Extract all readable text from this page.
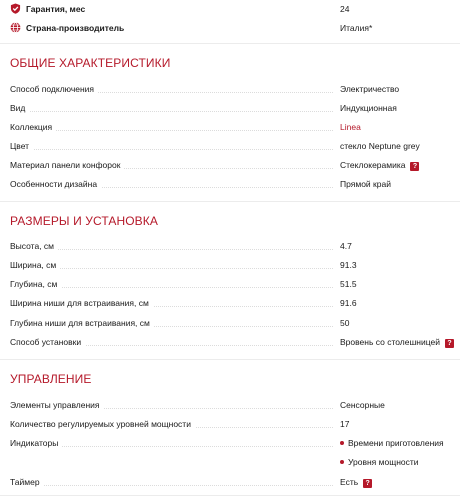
Гарантия, мес	24
Страна-производитель	Италия*
ОБЩИЕ ХАРАКТЕРИСТИКИ
Способ подключения	Электричество
Вид	Индукционная
Коллекция	Linea
Цвет	стекло Neptune grey
Материал панели конфорок	Стеклокерамика ?
Особенности дизайна	Прямой край
РАЗМЕРЫ И УСТАНОВКА
Высота, см	4.7
Ширина, см	91.3
Глубина, см	51.5
Ширина ниши для встраивания, см	91.6
Глубина ниши для встраивания, см	50
Способ установки	Вровень со столешницей ?
УПРАВЛЕНИЕ
Элементы управления	Сенсорные
Количество регулируемых уровней мощности	17
Индикаторы	Времени приготовления
Уровня мощности
Таймер	Есть ?
